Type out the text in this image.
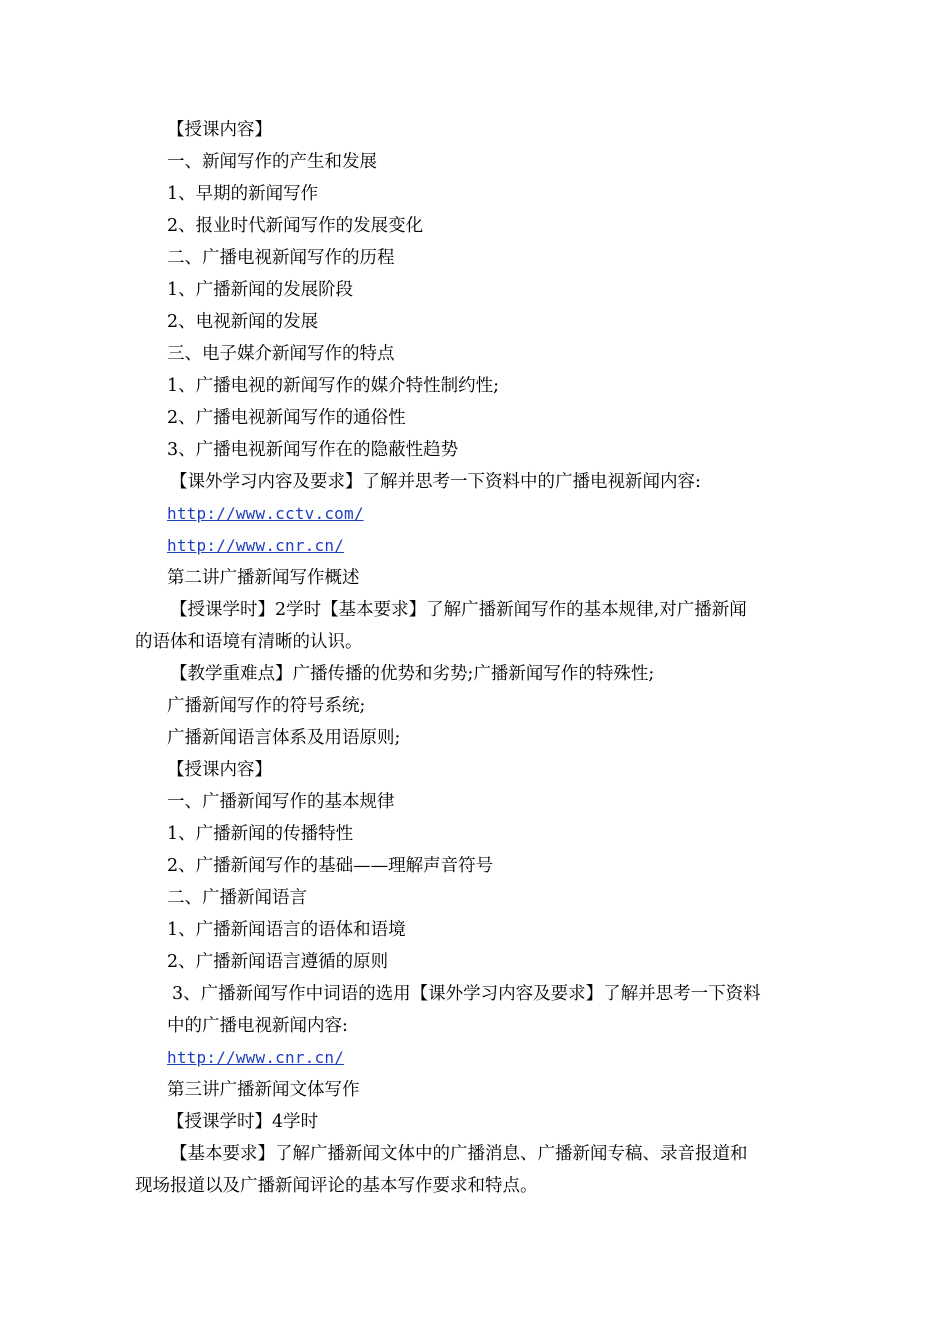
【授课内容】
一、新闻写作的产生和发展
1、早期的新闻写作
2、报业时代新闻写作的发展变化
二、广播电视新闻写作的历程
1、广播新闻的发展阶段
2、电视新闻的发展
三、电子媒介新闻写作的特点
1、广播电视的新闻写作的媒介特性制约性;
2、广播电视新闻写作的通俗性
3、广播电视新闻写作在的隐蔽性趋势
【课外学习内容及要求】了解并思考一下资料中的广播电视新闻内容:
http://www.cctv.com/
http://www.cnr.cn/
第二讲广播新闻写作概述
【授课学时】2学时【基本要求】了解广播新闻写作的基本规律,对广播新闻
的语体和语境有清晰的认识。
【教学重难点】广播传播的优势和劣势;广播新闻写作的特殊性;
广播新闻写作的符号系统;
广播新闻语言体系及用语原则;
【授课内容】
一、广播新闻写作的基本规律
1、广播新闻的传播特性
2、广播新闻写作的基础——理解声音符号
二、广播新闻语言
1、广播新闻语言的语体和语境
2、广播新闻语言遵循的原则
3、广播新闻写作中词语的选用【课外学习内容及要求】了解并思考一下资料
中的广播电视新闻内容:
http://www.cnr.cn/
第三讲广播新闻文体写作
【授课学时】4学时
【基本要求】了解广播新闻文体中的广播消息、广播新闻专稿、录音报道和
现场报道以及广播新闻评论的基本写作要求和特点。
